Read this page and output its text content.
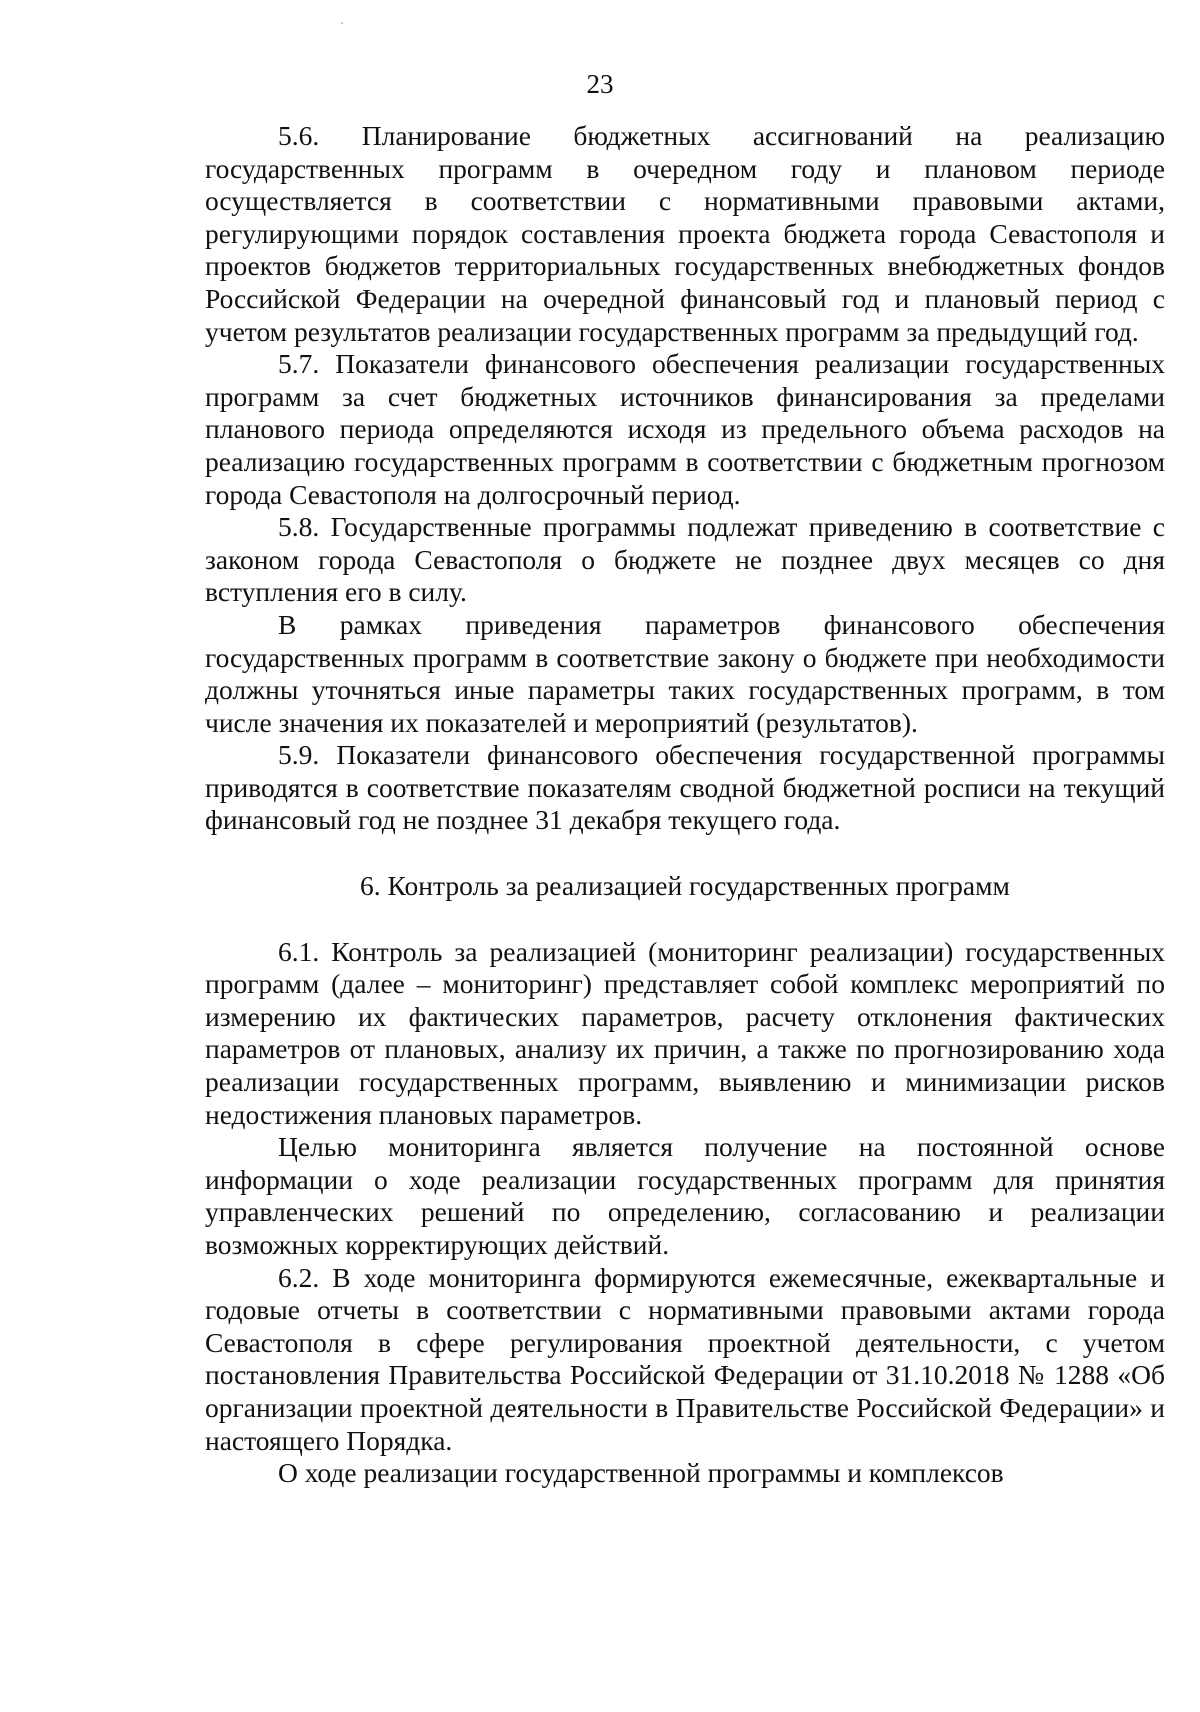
23

5.6. Планирование бюджетных ассигнований на реализацию государственных программ в очередном году и плановом периоде осуществляется в соответствии с нормативными правовыми актами, регулирующими порядок составления проекта бюджета города Севастополя и проектов бюджетов территориальных государственных внебюджетных фондов Российской Федерации на очередной финансовый год и плановый период с учетом результатов реализации государственных программ за предыдущий год.

5.7. Показатели финансового обеспечения реализации государственных программ за счет бюджетных источников финансирования за пределами планового периода определяются исходя из предельного объема расходов на реализацию государственных программ в соответствии с бюджетным прогнозом города Севастополя на долгосрочный период.

5.8. Государственные программы подлежат приведению в соответствие с законом города Севастополя о бюджете не позднее двух месяцев со дня вступления его в силу.

В рамках приведения параметров финансового обеспечения государственных программ в соответствие закону о бюджете при необходимости должны уточняться иные параметры таких государственных программ, в том числе значения их показателей и мероприятий (результатов).

5.9. Показатели финансового обеспечения государственной программы приводятся в соответствие показателям сводной бюджетной росписи на текущий финансовый год не позднее 31 декабря текущего года.

6. Контроль за реализацией государственных программ

6.1. Контроль за реализацией (мониторинг реализации) государственных программ (далее – мониторинг) представляет собой комплекс мероприятий по измерению их фактических параметров, расчету отклонения фактических параметров от плановых, анализу их причин, а также по прогнозированию хода реализации государственных программ, выявлению и минимизации рисков недостижения плановых параметров.

Целью мониторинга является получение на постоянной основе информации о ходе реализации государственных программ для принятия управленческих решений по определению, согласованию и реализации возможных корректирующих действий.

6.2. В ходе мониторинга формируются ежемесячные, ежеквартальные и годовые отчеты в соответствии с нормативными правовыми актами города Севастополя в сфере регулирования проектной деятельности, с учетом постановления Правительства Российской Федерации от 31.10.2018 № 1288 «Об организации проектной деятельности в Правительстве Российской Федерации» и настоящего Порядка.

О ходе реализации государственной программы и комплексов
